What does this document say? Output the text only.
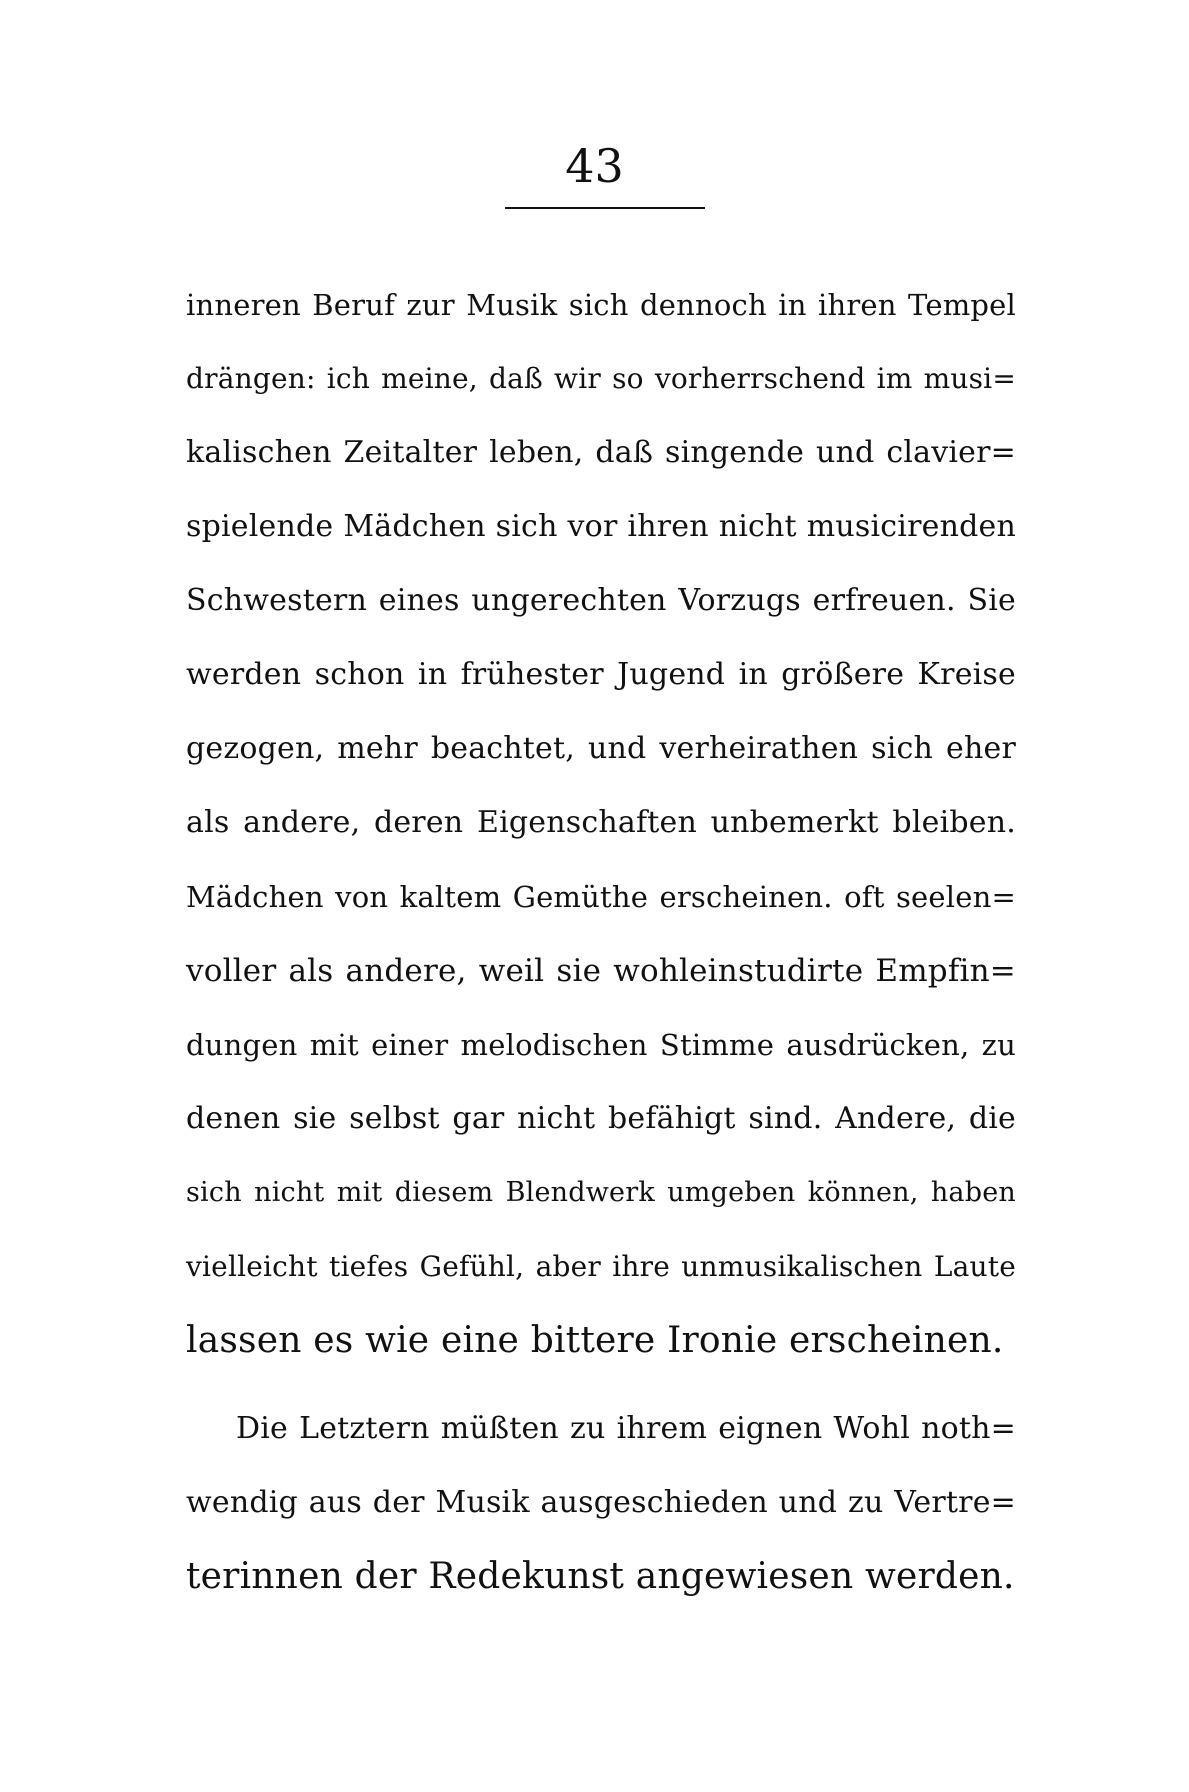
43
inneren Beruf zur Musik sich dennoch in ihren Tempel
drängen: ich meine, daß wir so vorherrschend im musi=
kalischen Zeitalter leben, daß singende und clavier=
spielende Mädchen sich vor ihren nicht musicirenden
Schwestern eines ungerechten Vorzugs erfreuen. Sie
werden schon in frühester Jugend in größere Kreise
gezogen, mehr beachtet, und verheirathen sich eher
als andere, deren Eigenschaften unbemerkt bleiben.
Mädchen von kaltem Gemüthe erscheinen. oft seelen=
voller als andere, weil sie wohleinstudirte Empfin=
dungen mit einer melodischen Stimme ausdrücken, zu
denen sie selbst gar nicht befähigt sind. Andere, die
sich nicht mit diesem Blendwerk umgeben können, haben
vielleicht tiefes Gefühl, aber ihre unmusikalischen Laute
lassen es wie eine bittere Ironie erscheinen.
Die Letztern müßten zu ihrem eignen Wohl noth=
wendig aus der Musik ausgeschieden und zu Vertre=
terinnen der Redekunst angewiesen werden.
